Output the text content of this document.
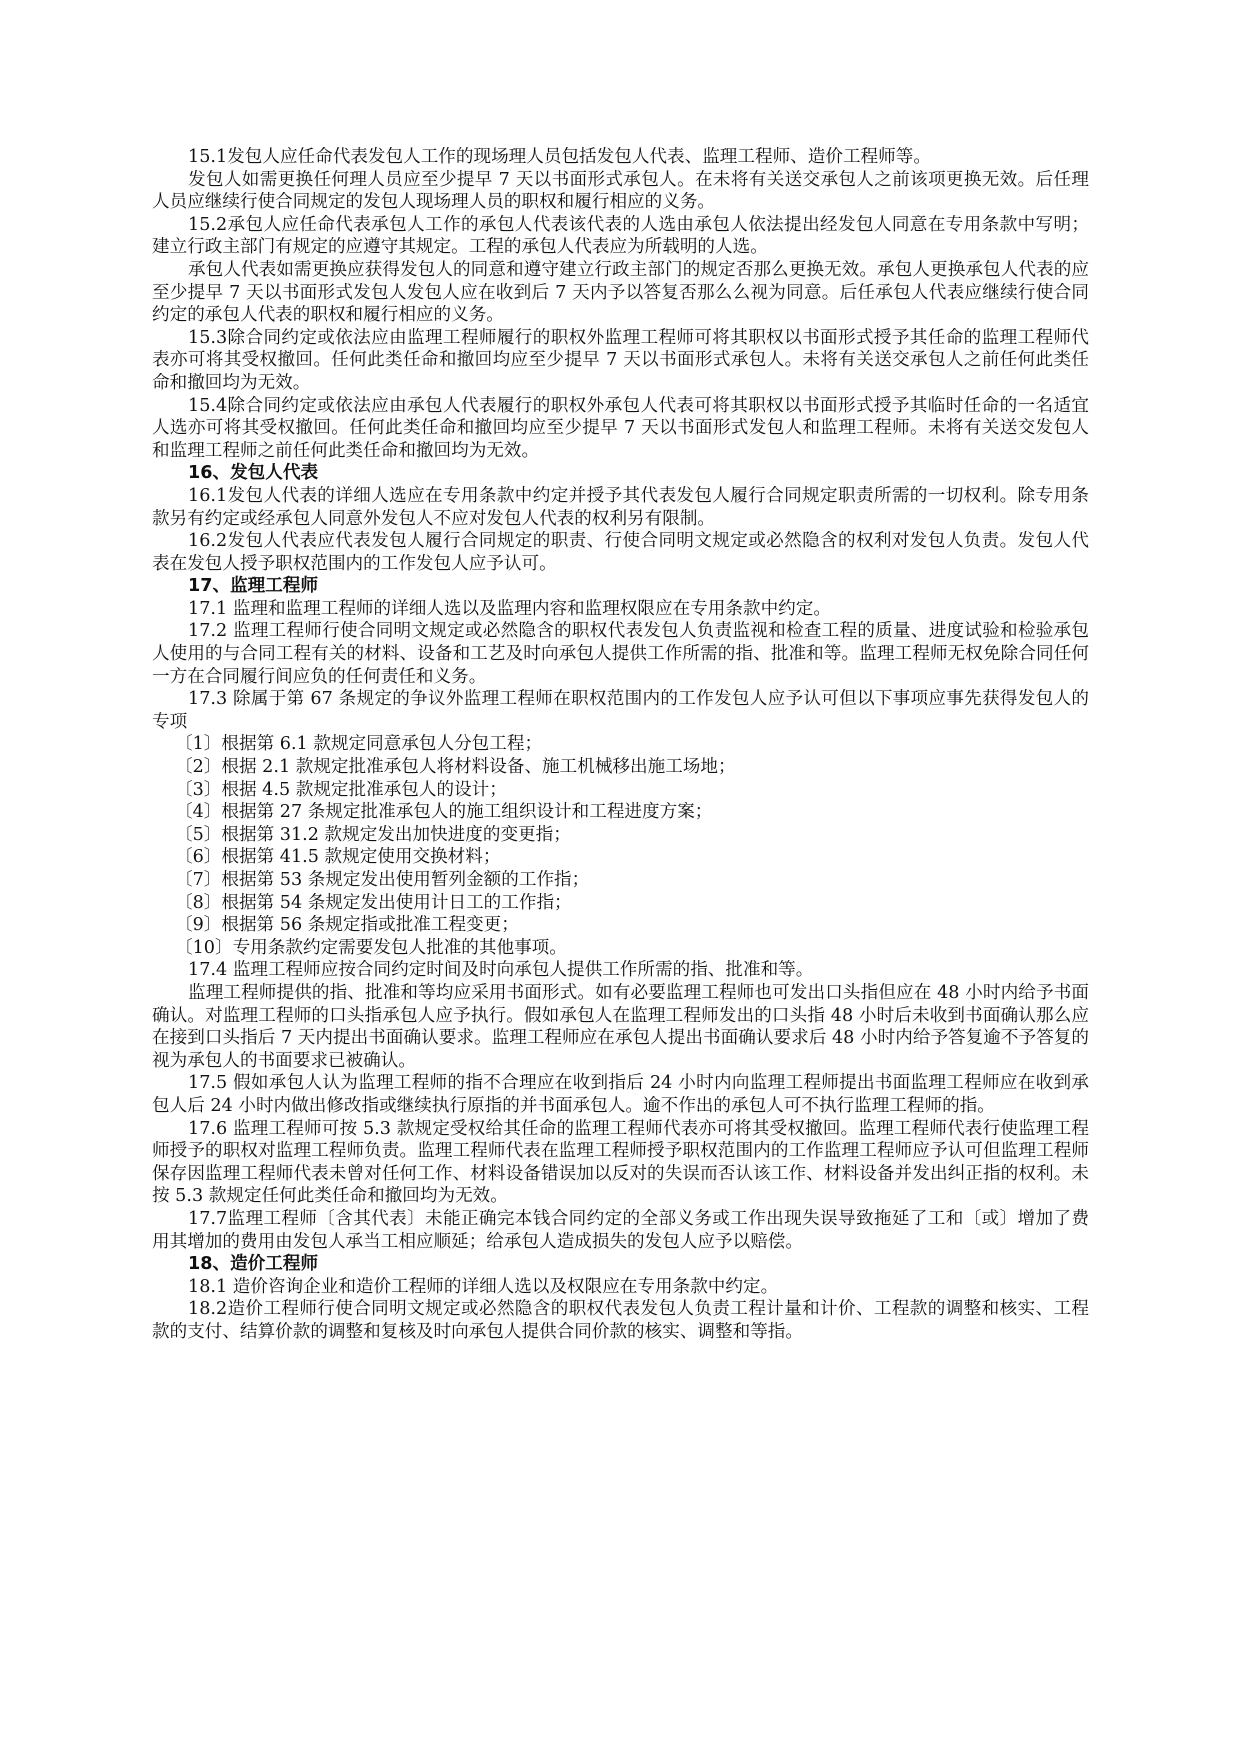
15.1发包人应任命代表发包人工作的现场理人员包括发包人代表、监理工程师、造价工程师等。

发包人如需更换任何理人员应至少提早 7 天以书面形式承包人。在未将有关送交承包人之前该项更换无效。后任理人员应继续行使合同规定的发包人现场理人员的职权和履行相应的义务。

15.2承包人应任命代表承包人工作的承包人代表该代表的人选由承包人依法提出经发包人同意在专用条款中写明；建立行政主部门有规定的应遵守其规定。工程的承包人代表应为所载明的人选。

承包人代表如需更换应获得发包人的同意和遵守建立行政主部门的规定否那么更换无效。承包人更换承包人代表的应至少提早 7 天以书面形式发包人发包人应在收到后 7 天内予以答复否那么么视为同意。后任承包人代表应继续行使合同约定的承包人代表的职权和履行相应的义务。

15.3除合同约定或依法应由监理工程师履行的职权外监理工程师可将其职权以书面形式授予其任命的监理工程师代表亦可将其受权撤回。任何此类任命和撤回均应至少提早 7 天以书面形式承包人。未将有关送交承包人之前任何此类任命和撤回均为无效。

15.4除合同约定或依法应由承包人代表履行的职权外承包人代表可将其职权以书面形式授予其临时任命的一名适宜人选亦可将其受权撤回。任何此类任命和撤回均应至少提早 7 天以书面形式发包人和监理工程师。未将有关送交发包人和监理工程师之前任何此类任命和撤回均为无效。

16、发包人代表

16.1发包人代表的详细人选应在专用条款中约定并授予其代表发包人履行合同规定职责所需的一切权利。除专用条款另有约定或经承包人同意外发包人不应对发包人代表的权利另有限制。

16.2发包人代表应代表发包人履行合同规定的职责、行使合同明文规定或必然隐含的权利对发包人负责。发包人代表在发包人授予职权范围内的工作发包人应予认可。

17、监理工程师

17.1 监理和监理工程师的详细人选以及监理内容和监理权限应在专用条款中约定。

17.2 监理工程师行使合同明文规定或必然隐含的职权代表发包人负责监视和检查工程的质量、进度试验和检验承包人使用的与合同工程有关的材料、设备和工艺及时向承包人提供工作所需的指、批准和等。监理工程师无权免除合同任何一方在合同履行间应负的任何责任和义务。

17.3 除属于第 67 条规定的争议外监理工程师在职权范围内的工作发包人应予认可但以下事项应事先获得发包人的专项

〔1〕根据第 6.1 款规定同意承包人分包工程；

〔2〕根据 2.1 款规定批准承包人将材料设备、施工机械移出施工场地；

〔3〕根据 4.5 款规定批准承包人的设计；

〔4〕根据第 27 条规定批准承包人的施工组织设计和工程进度方案；

〔5〕根据第 31.2 款规定发出加快进度的变更指；

〔6〕根据第 41.5 款规定使用交换材料；

〔7〕根据第 53 条规定发出使用暂列金额的工作指；

〔8〕根据第 54 条规定发出使用计日工的工作指；

〔9〕根据第 56 条规定指或批准工程变更；

〔10〕专用条款约定需要发包人批准的其他事项。

17.4 监理工程师应按合同约定时间及时向承包人提供工作所需的指、批准和等。

监理工程师提供的指、批准和等均应采用书面形式。如有必要监理工程师也可发出口头指但应在 48 小时内给予书面确认。对监理工程师的口头指承包人应予执行。假如承包人在监理工程师发出的口头指 48 小时后未收到书面确认那么应在接到口头指后 7 天内提出书面确认要求。监理工程师应在承包人提出书面确认要求后 48 小时内给予答复逾不予答复的视为承包人的书面要求已被确认。

17.5 假如承包人认为监理工程师的指不合理应在收到指后 24 小时内向监理工程师提出书面监理工程师应在收到承包人后 24 小时内做出修改指或继续执行原指的并书面承包人。逾不作出的承包人可不执行监理工程师的指。

17.6 监理工程师可按 5.3 款规定受权给其任命的监理工程师代表亦可将其受权撤回。监理工程师代表行使监理工程师授予的职权对监理工程师负责。监理工程师代表在监理工程师授予职权范围内的工作监理工程师应予认可但监理工程师保存因监理工程师代表未曾对任何工作、材料设备错误加以反对的失误而否认该工作、材料设备并发出纠正指的权利。未按 5.3 款规定任何此类任命和撤回均为无效。

17.7监理工程师〔含其代表〕未能正确完本钱合同约定的全部义务或工作出现失误导致拖延了工和〔或〕增加了费用其增加的费用由发包人承当工相应顺延；给承包人造成损失的发包人应予以赔偿。

18、造价工程师

18.1 造价咨询企业和造价工程师的详细人选以及权限应在专用条款中约定。

18.2造价工程师行使合同明文规定或必然隐含的职权代表发包人负责工程计量和计价、工程款的调整和核实、工程款的支付、结算价款的调整和复核及时向承包人提供合同价款的核实、调整和等指。
